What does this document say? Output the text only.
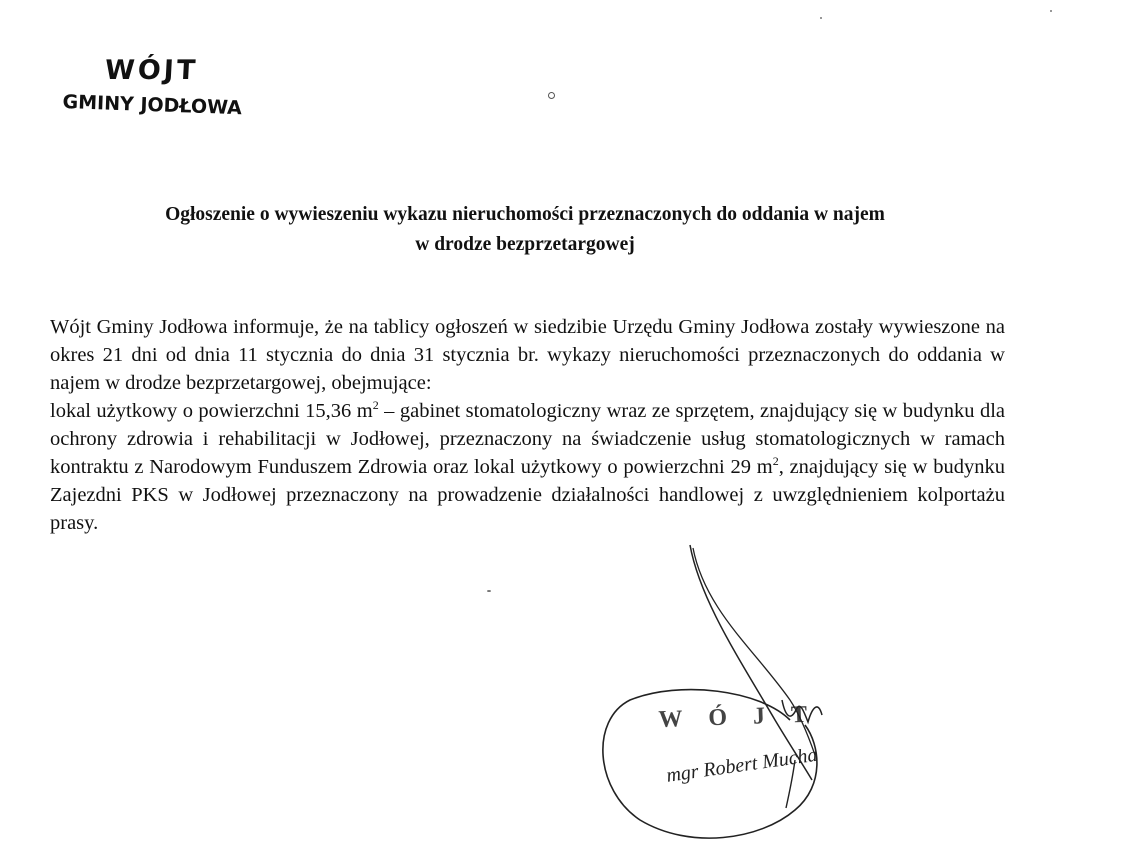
WÓJT
GMINY JODŁOWA
Ogłoszenie o wywieszeniu wykazu nieruchomości przeznaczonych do oddania w najem
w drodze bezprzetargowej

Wójt Gminy Jodłowa informuje, że na tablicy ogłoszeń w siedzibie Urzędu Gminy Jodłowa zostały wywieszone na okres 21 dni od dnia 11 stycznia do dnia 31 stycznia br. wykazy nieruchomości przeznaczonych do oddania w najem w drodze bezprzetargowej, obejmujące:

lokal użytkowy o powierzchni 15,36 $m^2$ – gabinet stomatologiczny wraz ze sprzętem, znajdujący się w budynku dla ochrony zdrowia i rehabilitacji w Jodłowej, przeznaczony na świadczenie usług stomatologicznych w ramach kontraktu z Narodowym Funduszem Zdrowia oraz lokal użytkowy o powierzchni 29 $m^2$, znajdujący się w budynku Zajezdni PKS w Jodłowej przeznaczony na prowadzenie działalności handlowej z uwzględnieniem kolportażu prasy.

WÓJT
mgr Robert Mucha
